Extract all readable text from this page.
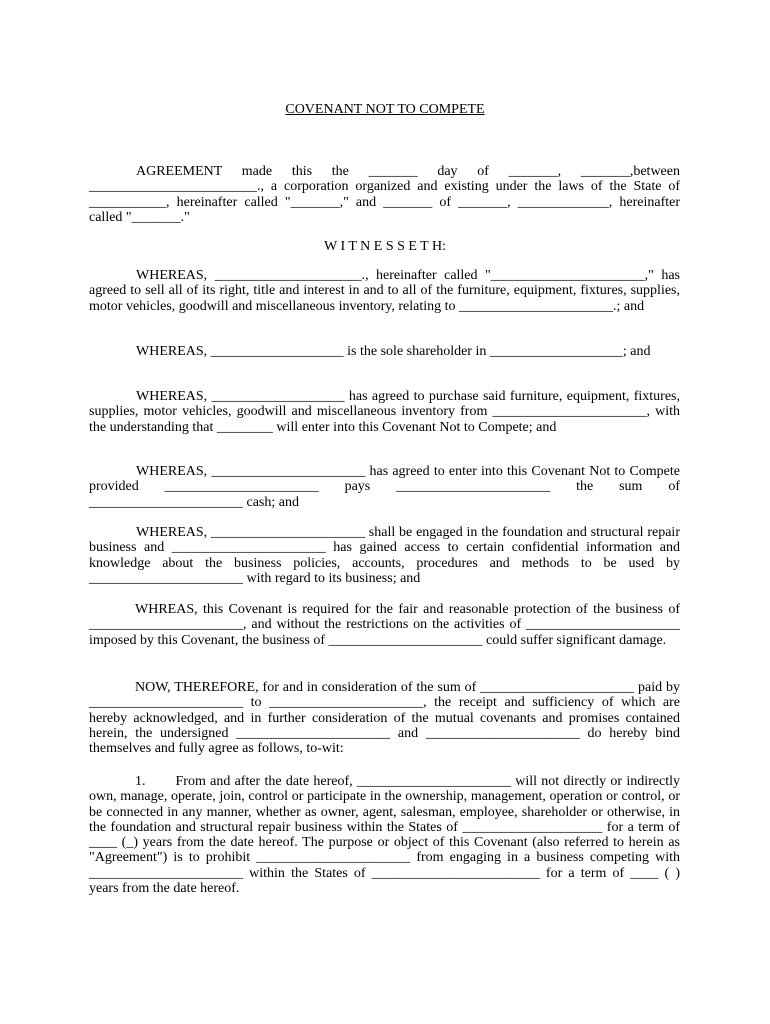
COVENANT NOT TO COMPETE

AGREEMENT made this the _______ day of _______, _______,between ________________________., a corporation organized and existing under the laws of the State of ___________, hereinafter called "_______," and _______ of _______, _____________, hereinafter called "_______."

W I T N E S S E T H:

WHEREAS, _____________________., hereinafter called "______________________," has agreed to sell all of its right, title and interest in and to all of the furniture, equipment, fixtures, supplies, motor vehicles, goodwill and miscellaneous inventory, relating to ______________________.; and

WHEREAS, ___________________ is the sole shareholder in ___________________; and

WHEREAS, ___________________ has agreed to purchase said furniture, equipment, fixtures, supplies, motor vehicles, goodwill and miscellaneous inventory from ______________________, with the understanding that ________ will enter into this Covenant Not to Compete; and

WHEREAS, ______________________ has agreed to enter into this Covenant Not to Compete provided ______________________ pays ______________________ the sum of ______________________ cash; and

WHEREAS, ______________________ shall be engaged in the foundation and structural repair business and ______________________ has gained access to certain confidential information and knowledge about the business policies, accounts, procedures and methods to be used by ______________________ with regard to its business; and

WHREAS, this Covenant is required for the fair and reasonable protection of the business of ______________________, and without the restrictions on the activities of ______________________ imposed by this Covenant, the business of ______________________ could suffer significant damage.

NOW, THEREFORE, for and in consideration of the sum of ______________________ paid by ______________________ to ______________________, the receipt and sufficiency of which are hereby acknowledged, and in further consideration of the mutual covenants and promises contained herein, the undersigned ______________________ and ______________________ do hereby bind themselves and fully agree as follows, to-wit:

1. From and after the date hereof, ______________________ will not directly or indirectly own, manage, operate, join, control or participate in the ownership, management, operation or control, or be connected in any manner, whether as owner, agent, salesman, employee, shareholder or otherwise, in the foundation and structural repair business within the States of ____________________ for a term of ____ (_) years from the date hereof. The purpose or object of this Covenant (also referred to herein as "Agreement") is to prohibit ______________________ from engaging in a business competing with ______________________ within the States of ________________________ for a term of ____ ( ) years from the date hereof.
